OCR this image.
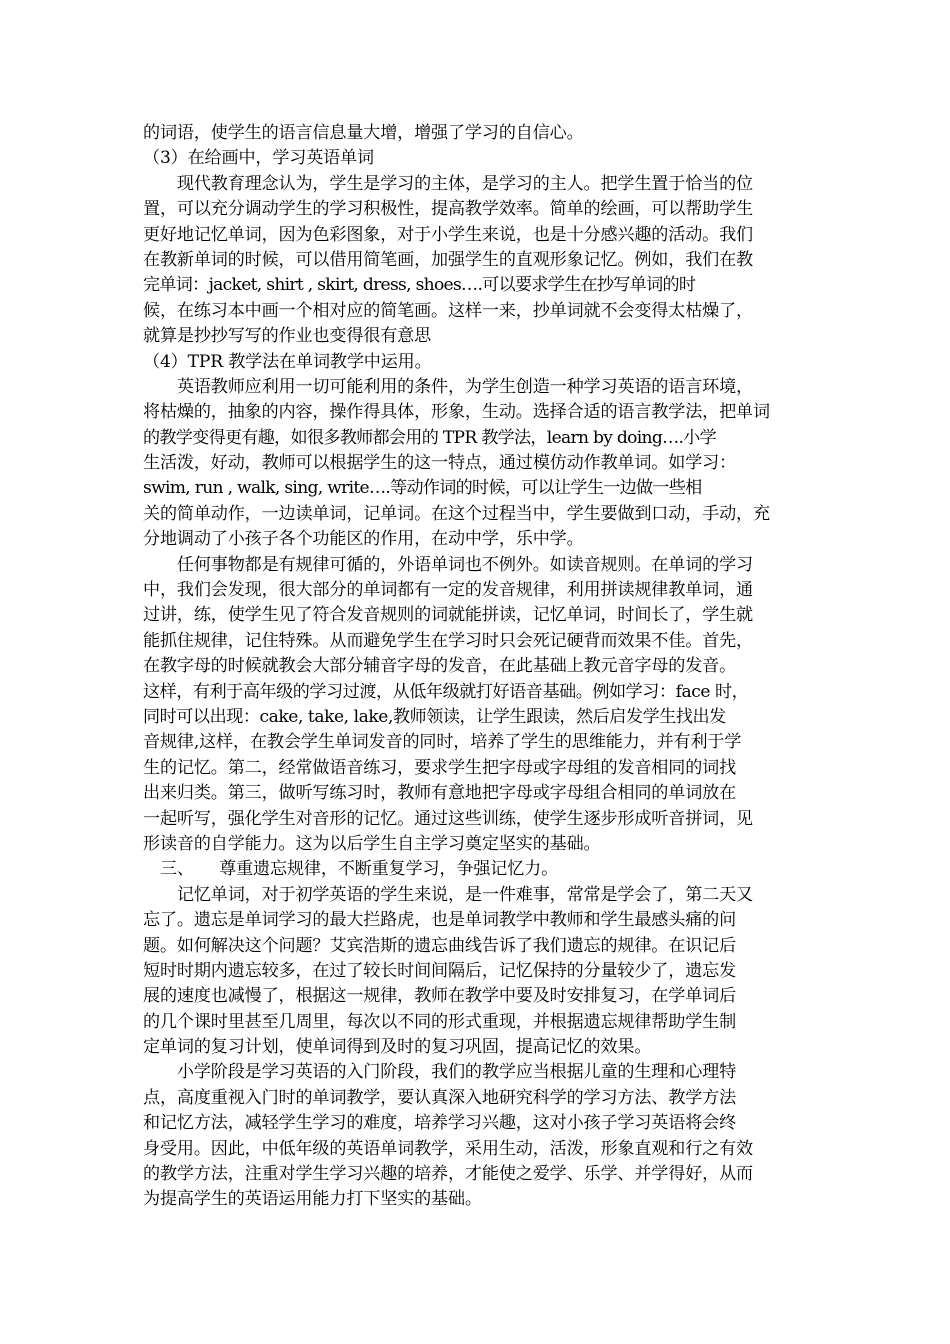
的词语，使学生的语言信息量大增，增强了学习的自信心。
（3）在给画中，学习英语单词
　　现代教育理念认为，学生是学习的主体，是学习的主人。把学生置于恰当的位
置，可以充分调动学生的学习积极性，提高教学效率。简单的绘画，可以帮助学生
更好地记忆单词，因为色彩图象，对于小学生来说，也是十分感兴趣的活动。我们
在教新单词的时候，可以借用简笔画，加强学生的直观形象记忆。例如，我们在教
完单词：jacket, shirt , skirt, dress, shoes….可以要求学生在抄写单词的时
候，在练习本中画一个相对应的简笔画。这样一来，抄单词就不会变得太枯燥了，
就算是抄抄写写的作业也变得很有意思
（4）TPR 教学法在单词教学中运用。
　　英语教师应利用一切可能利用的条件，为学生创造一种学习英语的语言环境，
将枯燥的，抽象的内容，操作得具体，形象，生动。选择合适的语言教学法，把单词
的教学变得更有趣，如很多教师都会用的 TPR 教学法，learn by doing….小学
生活泼，好动，教师可以根据学生的这一特点，通过模仿动作教单词。如学习：
swim, run , walk, sing, write….等动作词的时候，可以让学生一边做一些相
关的简单动作，一边读单词，记单词。在这个过程当中，学生要做到口动，手动，充
分地调动了小孩子各个功能区的作用，在动中学，乐中学。
　　任何事物都是有规律可循的，外语单词也不例外。如读音规则。在单词的学习
中，我们会发现，很大部分的单词都有一定的发音规律，利用拼读规律教单词，通
过讲，练，使学生见了符合发音规则的词就能拼读，记忆单词，时间长了，学生就
能抓住规律，记住特殊。从而避免学生在学习时只会死记硬背而效果不佳。首先，
在教字母的时候就教会大部分辅音字母的发音，在此基础上教元音字母的发音。
这样，有利于高年级的学习过渡，从低年级就打好语音基础。例如学习：face 时，
同时可以出现：cake, take, lake,教师领读，让学生跟读，然后启发学生找出发
音规律,这样，在教会学生单词发音的同时，培养了学生的思维能力，并有利于学
生的记忆。第二，经常做语音练习，要求学生把字母或字母组的发音相同的词找
出来归类。第三，做听写练习时，教师有意地把字母或字母组合相同的单词放在
一起听写，强化学生对音形的记忆。通过这些训练，使学生逐步形成听音拼词，见
形读音的自学能力。这为以后学生自主学习奠定坚实的基础。
　三、　　尊重遗忘规律，不断重复学习，争强记忆力。
　　记忆单词，对于初学英语的学生来说，是一件难事，常常是学会了，第二天又
忘了。遗忘是单词学习的最大拦路虎，也是单词教学中教师和学生最感头痛的问
题。如何解决这个问题？艾宾浩斯的遗忘曲线告诉了我们遗忘的规律。在识记后
短时时期内遗忘较多，在过了较长时间间隔后，记忆保持的分量较少了，遗忘发
展的速度也减慢了，根据这一规律，教师在教学中要及时安排复习，在学单词后
的几个课时里甚至几周里，每次以不同的形式重现，并根据遗忘规律帮助学生制
定单词的复习计划，使单词得到及时的复习巩固，提高记忆的效果。
　　小学阶段是学习英语的入门阶段，我们的教学应当根据儿童的生理和心理特
点，高度重视入门时的单词教学，要认真深入地研究科学的学习方法、教学方法
和记忆方法，减轻学生学习的难度，培养学习兴趣，这对小孩子学习英语将会终
身受用。因此，中低年级的英语单词教学，采用生动，活泼，形象直观和行之有效
的教学方法，注重对学生学习兴趣的培养，才能使之爱学、乐学、并学得好，从而
为提高学生的英语运用能力打下坚实的基础。
